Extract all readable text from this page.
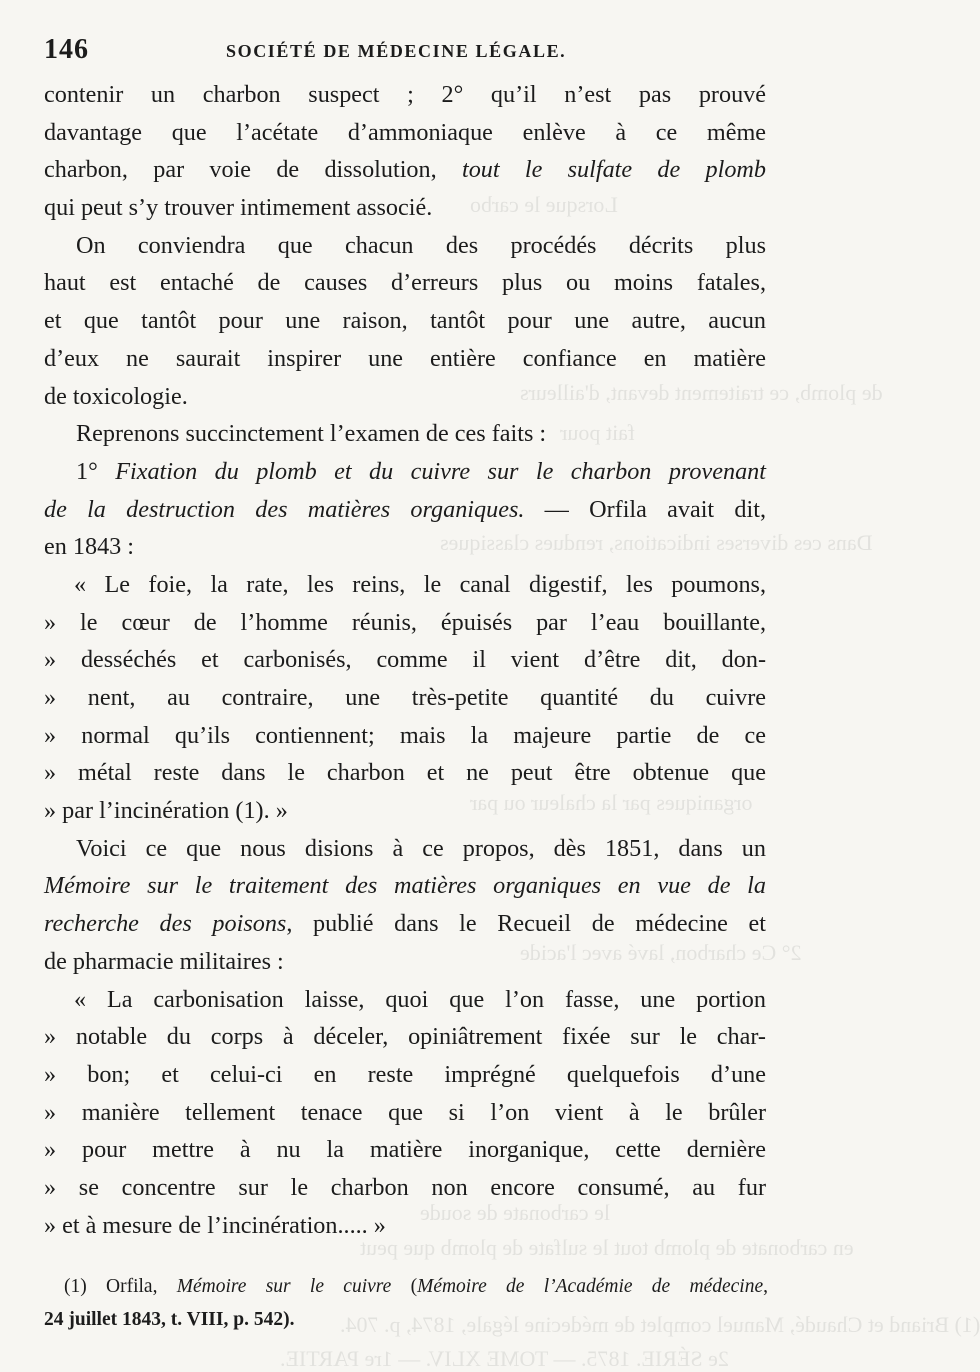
Lorsque le carbo
de plomb, ce traitement devant, d'ailleurs
fait pour
Dans ces diverses indications, rendues classiques
organiques par la chaleur ou par
2° Ce charbon, lavé avec l'acide
le carbonate de soude
en carbonate de plomb tout le sulfate de plomb que peut
(1) Briand et Chaudé, Manuel complet de médecine légale, 1874, p. 704.
2e SÉRIE. 1875. — TOME XLIV. — 1re PARTIE.
146	SOCIÉTÉ DE MÉDECINE LÉGALE.
contenir un charbon suspect ; 2° qu’il n’est pas prouvé
davantage que l’acétate d’ammoniaque enlève à ce même
charbon, par voie de dissolution, tout le sulfate de plomb
qui peut s’y trouver intimement associé.
On conviendra que chacun des procédés décrits plus
haut est entaché de causes d’erreurs plus ou moins fatales,
et que tantôt pour une raison, tantôt pour une autre, aucun
d’eux ne saurait inspirer une entière confiance en matière
de toxicologie.
Reprenons succinctement l’examen de ces faits :
1° Fixation du plomb et du cuivre sur le charbon provenant
de la destruction des matières organiques. — Orfila avait dit,
en 1843 :
« Le foie, la rate, les reins, le canal digestif, les poumons,
» le cœur de l’homme réunis, épuisés par l’eau bouillante,
» desséchés et carbonisés, comme il vient d’être dit, don-
» nent, au contraire, une très-petite quantité du cuivre
» normal qu’ils contiennent; mais la majeure partie de ce
» métal reste dans le charbon et ne peut être obtenue que
» par l’incinération (1). »
Voici ce que nous disions à ce propos, dès 1851, dans un
Mémoire sur le traitement des matières organiques en vue de la
recherche des poisons, publié dans le Recueil de médecine et
de pharmacie militaires :
« La carbonisation laisse, quoi que l’on fasse, une portion
» notable du corps à déceler, opiniâtrement fixée sur le char-
» bon; et celui-ci en reste imprégné quelquefois d’une
» manière tellement tenace que si l’on vient à le brûler
» pour mettre à nu la matière inorganique, cette dernière
» se concentre sur le charbon non encore consumé, au fur
» et à mesure de l’incinération..... »
(1) Orfila, Mémoire sur le cuivre (Mémoire de l’Académie de médecine,
24 juillet 1843, t. VIII, p. 542).
